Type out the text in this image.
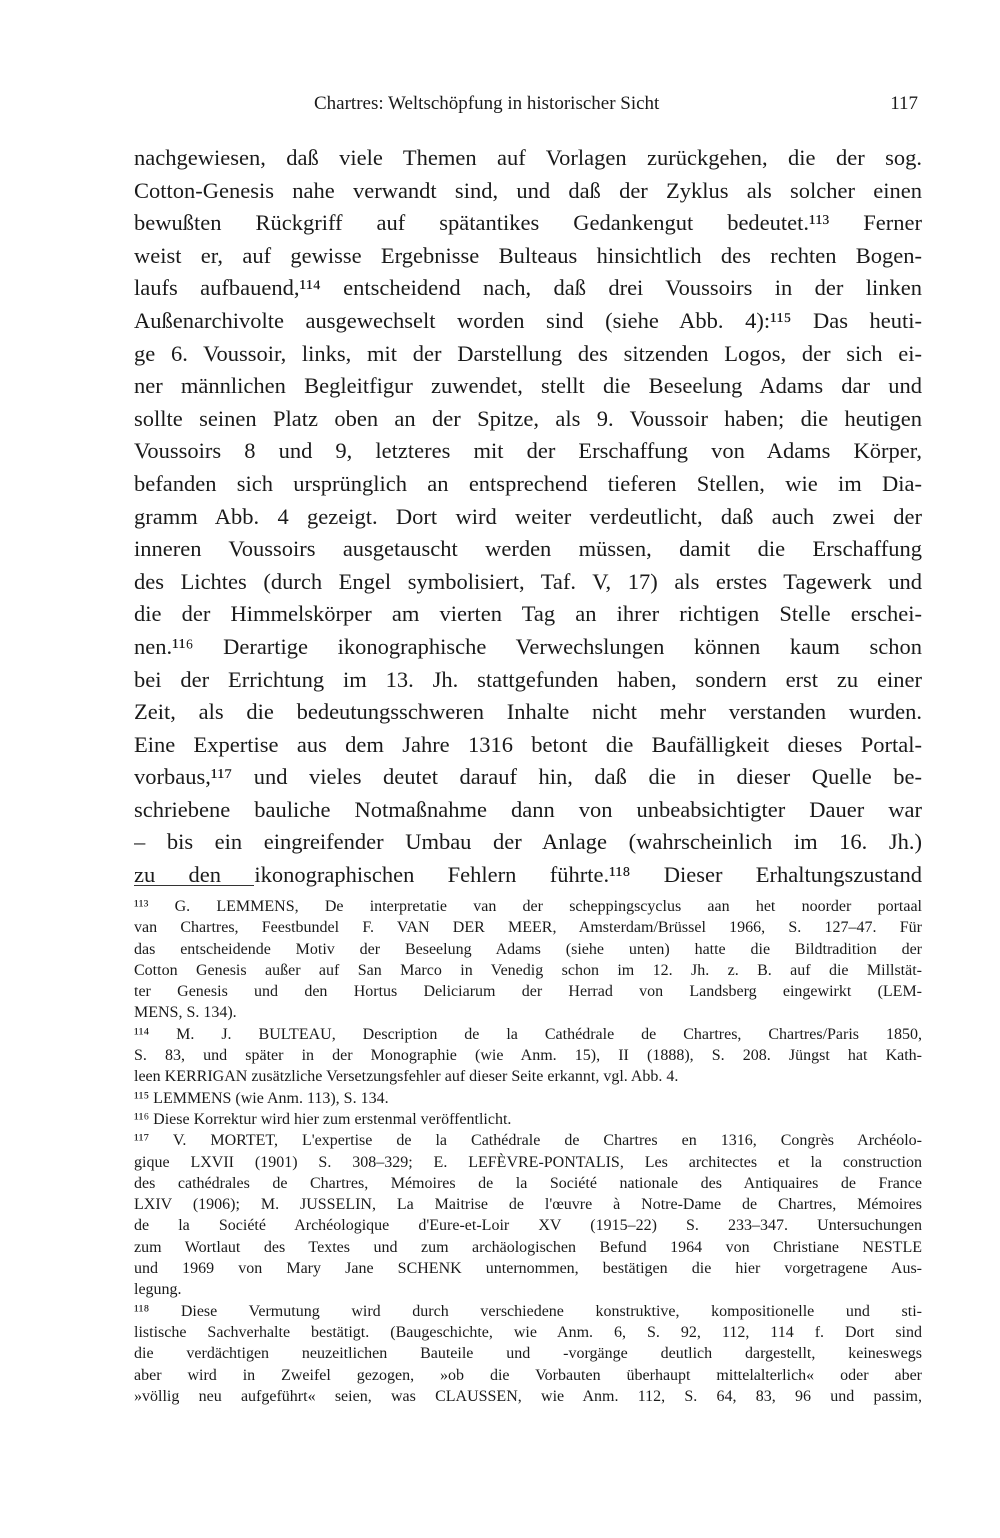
Chartres: Weltschöpfung in historischer Sicht	117
nachgewiesen, daß viele Themen auf Vorlagen zurückgehen, die der sog.
Cotton-Genesis nahe verwandt sind, und daß der Zyklus als solcher einen
bewußten Rückgriff auf spätantikes Gedankengut bedeutet.¹¹³ Ferner
weist er, auf gewisse Ergebnisse Bulteaus hinsichtlich des rechten Bogen-
laufs aufbauend,¹¹⁴ entscheidend nach, daß drei Voussoirs in der linken
Außenarchivolte ausgewechselt worden sind (siehe Abb. 4):¹¹⁵ Das heuti-
ge 6. Voussoir, links, mit der Darstellung des sitzenden Logos, der sich ei-
ner männlichen Begleitfigur zuwendet, stellt die Beseelung Adams dar und
sollte seinen Platz oben an der Spitze, als 9. Voussoir haben; die heutigen
Voussoirs 8 und 9, letzteres mit der Erschaffung von Adams Körper,
befanden sich ursprünglich an entsprechend tieferen Stellen, wie im Dia-
gramm Abb. 4 gezeigt. Dort wird weiter verdeutlicht, daß auch zwei der
inneren Voussoirs ausgetauscht werden müssen, damit die Erschaffung
des Lichtes (durch Engel symbolisiert, Taf. V, 17) als erstes Tagewerk und
die der Himmelskörper am vierten Tag an ihrer richtigen Stelle erschei-
nen.¹¹⁶ Derartige ikonographische Verwechslungen können kaum schon
bei der Errichtung im 13. Jh. stattgefunden haben, sondern erst zu einer
Zeit, als die bedeutungsschweren Inhalte nicht mehr verstanden wurden.
Eine Expertise aus dem Jahre 1316 betont die Baufälligkeit dieses Portal-
vorbaus,¹¹⁷ und vieles deutet darauf hin, daß die in dieser Quelle be-
schriebene bauliche Notmaßnahme dann von unbeabsichtigter Dauer war
– bis ein eingreifender Umbau der Anlage (wahrscheinlich im 16. Jh.)
zu den ikonographischen Fehlern führte.¹¹⁸ Dieser Erhaltungszustand
¹¹³ G. LEMMENS, De interpretatie van der scheppingscyclus aan het noorder portaal
van Chartres, Feestbundel F. VAN DER MEER, Amsterdam/Brüssel 1966, S. 127–47. Für
das entscheidende Motiv der Beseelung Adams (siehe unten) hatte die Bildtradition der
Cotton Genesis außer auf San Marco in Venedig schon im 12. Jh. z. B. auf die Millstät-
ter Genesis und den Hortus Deliciarum der Herrad von Landsberg eingewirkt (LEM-
MENS, S. 134).
¹¹⁴ M. J. BULTEAU, Description de la Cathédrale de Chartres, Chartres/Paris 1850,
S. 83, und später in der Monographie (wie Anm. 15), II (1888), S. 208. Jüngst hat Kath-
leen KERRIGAN zusätzliche Versetzungsfehler auf dieser Seite erkannt, vgl. Abb. 4.
¹¹⁵ LEMMENS (wie Anm. 113), S. 134.
¹¹⁶ Diese Korrektur wird hier zum erstenmal veröffentlicht.
¹¹⁷ V. MORTET, L'expertise de la Cathédrale de Chartres en 1316, Congrès Archéolo-
gique LXVII (1901) S. 308–329; E. LEFÈVRE-PONTALIS, Les architectes et la construction
des cathédrales de Chartres, Mémoires de la Société nationale des Antiquaires de France
LXIV (1906); M. JUSSELIN, La Maitrise de l'œuvre à Notre-Dame de Chartres, Mémoires
de la Société Archéologique d'Eure-et-Loir XV (1915–22) S. 233–347. Untersuchungen
zum Wortlaut des Textes und zum archäologischen Befund 1964 von Christiane NESTLE
und 1969 von Mary Jane SCHENK unternommen, bestätigen die hier vorgetragene Aus-
legung.
¹¹⁸ Diese Vermutung wird durch verschiedene konstruktive, kompositionelle und sti-
listische Sachverhalte bestätigt. (Baugeschichte, wie Anm. 6, S. 92, 112, 114 f. Dort sind
die verdächtigen neuzeitlichen Bauteile und -vorgänge deutlich dargestellt, keineswegs
aber wird in Zweifel gezogen, »ob die Vorbauten überhaupt mittelalterlich« oder aber
»völlig neu aufgeführt« seien, was CLAUSSEN, wie Anm. 112, S. 64, 83, 96 und passim,
